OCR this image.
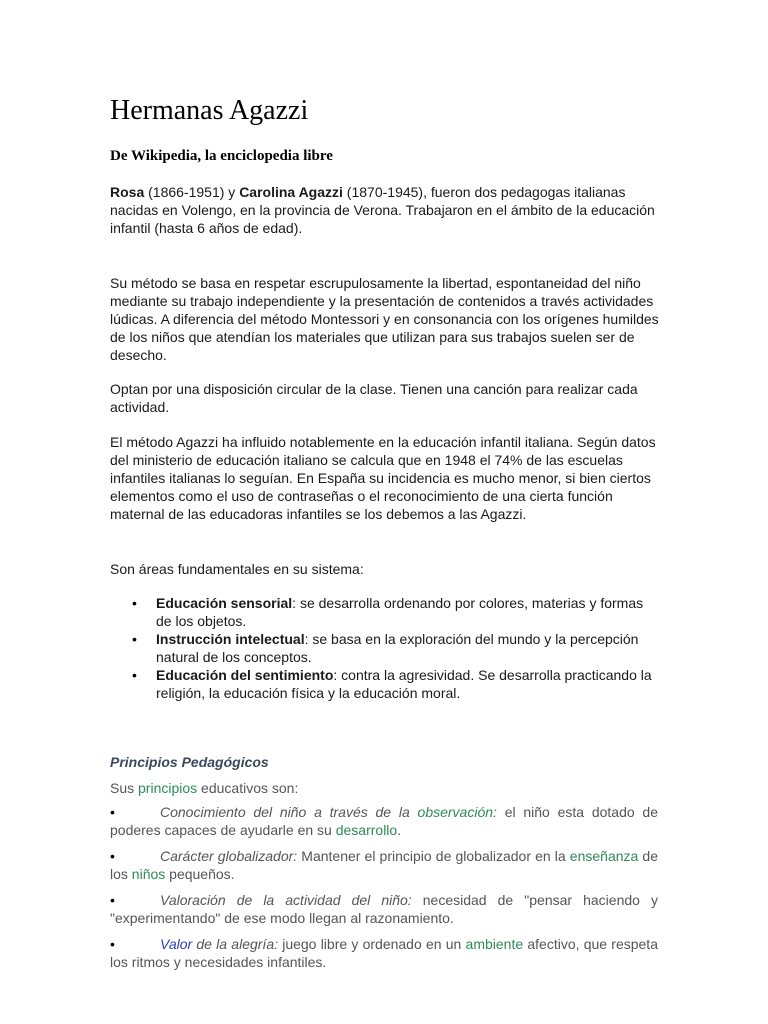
Hermanas Agazzi

De Wikipedia, la enciclopedia libre

Rosa (1866-1951) y Carolina Agazzi (1870-1945), fueron dos pedagogas italianas nacidas en Volengo, en la provincia de Verona. Trabajaron en el ámbito de la educación infantil (hasta 6 años de edad).

Su método se basa en respetar escrupulosamente la libertad, espontaneidad del niño mediante su trabajo independiente y la presentación de contenidos a través actividades lúdicas. A diferencia del método Montessori y en consonancia con los orígenes humildes de los niños que atendían los materiales que utilizan para sus trabajos suelen ser de desecho.

Optan por una disposición circular de la clase. Tienen una canción para realizar cada actividad.

El método Agazzi ha influido notablemente en la educación infantil italiana. Según datos del ministerio de educación italiano se calcula que en 1948 el 74% de las escuelas infantiles italianas lo seguían. En España su incidencia es mucho menor, si bien ciertos elementos como el uso de contraseñas o el reconocimiento de una cierta función maternal de las educadoras infantiles se los debemos a las Agazzi.

Son áreas fundamentales en su sistema:

• Educación sensorial: se desarrolla ordenando por colores, materias y formas de los objetos.
• Instrucción intelectual: se basa en la exploración del mundo y la percepción natural de los conceptos.
• Educación del sentimiento: contra la agresividad. Se desarrolla practicando la religión, la educación física y la educación moral.

Principios Pedagógicos

Sus principios educativos son:

•	Conocimiento del niño a través de la observación: el niño esta dotado de poderes capaces de ayudarle en su desarrollo.
•	Carácter globalizador: Mantener el principio de globalizador en la enseñanza de los niños pequeños.
•	Valoración de la actividad del niño: necesidad de "pensar haciendo y "experimentando" de ese modo llegan al razonamiento.
•	Valor de la alegría: juego libre y ordenado en un ambiente afectivo, que respeta los ritmos y necesidades infantiles.
